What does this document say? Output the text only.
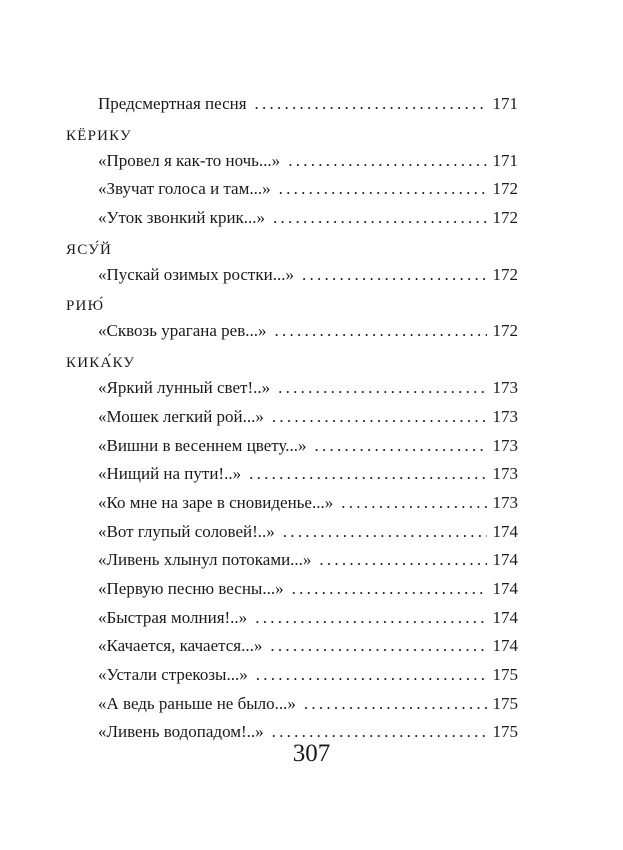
Предсмертная песня . . .	171
КЁРИКУ
«Провел я как-то ночь...» . . .	171
«Звучат голоса и там...» . . .	172
«Уток звонкий крик...» . . .	172
ЯСУ́Й
«Пускай озимых ростки...» . . .	172
РИЮ́
«Сквозь урагана рев...» . . .	172
КИКА́КУ
«Яркий лунный свет!..» . . .	173
«Мошек легкий рой...» . . .	173
«Вишни в весеннем цвету...» . . .	173
«Нищий на пути!..» . . .	173
«Ко мне на заре в сновиденье...» . . .	173
«Вот глупый соловей!..» . . .	174
«Ливень хлынул потоками...» . . .	174
«Первую песню весны...» . . .	174
«Быстрая молния!..» . . .	174
«Качается, качается...» . . .	174
«Устали стрекозы...» . . .	175
«А ведь раньше не было...» . . .	175
«Ливень водопадом!..» . . .	175
307
